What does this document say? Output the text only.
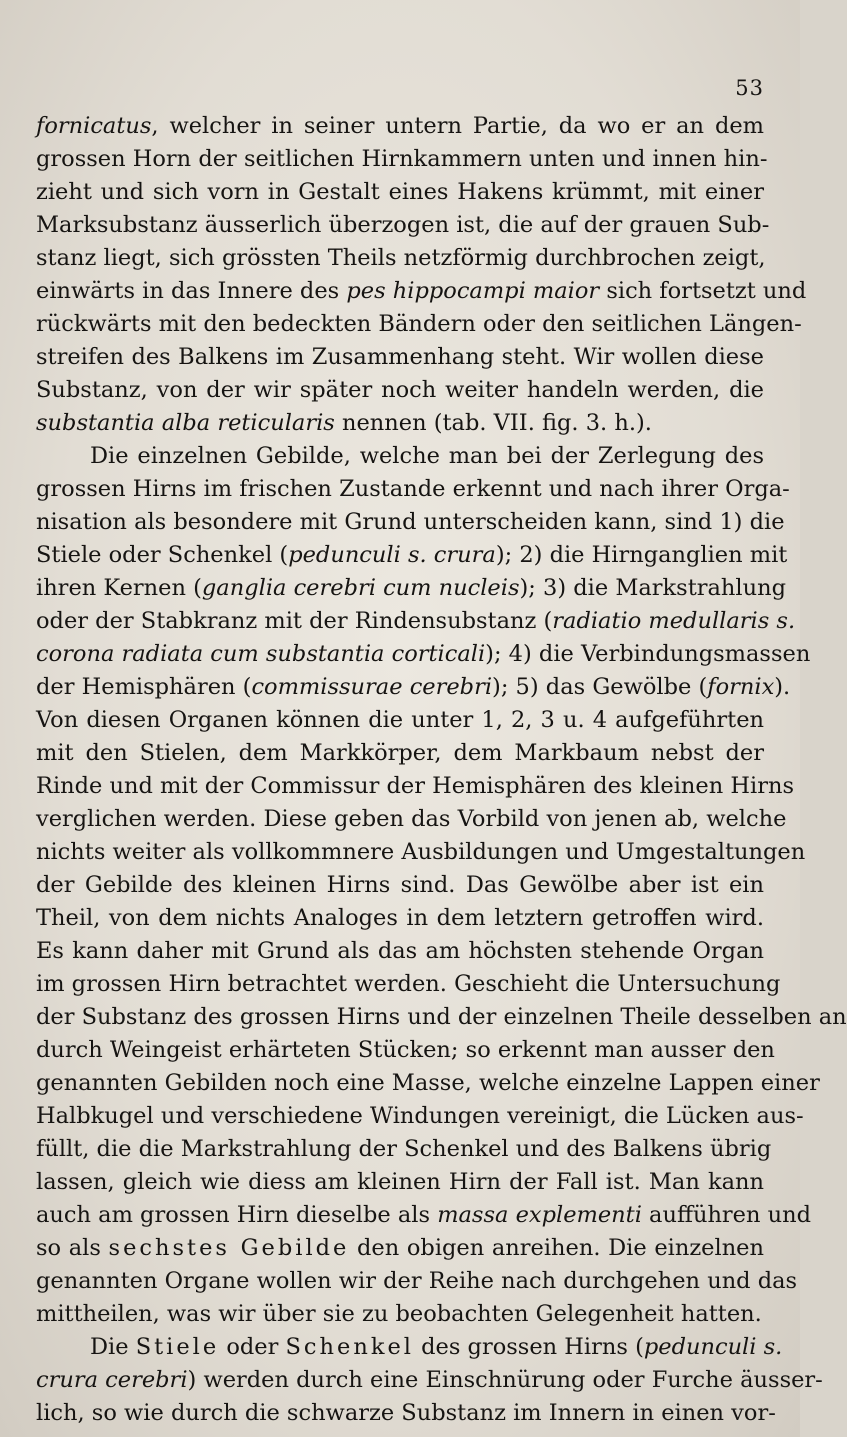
53
fornicatus, welcher in seiner untern Partie, da wo er an dem
grossen Horn der seitlichen Hirnkammern unten und innen hin-
zieht und sich vorn in Gestalt eines Hakens krümmt, mit einer
Marksubstanz äusserlich überzogen ist, die auf der grauen Sub-
stanz liegt, sich grössten Theils netzförmig durchbrochen zeigt,
einwärts in das Innere des pes hippocampi maior sich fortsetzt und
rückwärts mit den bedeckten Bändern oder den seitlichen Längen-
streifen des Balkens im Zusammenhang steht. Wir wollen diese
Substanz, von der wir später noch weiter handeln werden, die
substantia alba reticularis nennen (tab. VII. fig. 3. h.).
Die einzelnen Gebilde, welche man bei der Zerlegung des
grossen Hirns im frischen Zustande erkennt und nach ihrer Orga-
nisation als besondere mit Grund unterscheiden kann, sind 1) die
Stiele oder Schenkel (pedunculi s. crura); 2) die Hirnganglien mit
ihren Kernen (ganglia cerebri cum nucleis); 3) die Markstrahlung
oder der Stabkranz mit der Rindensubstanz (radiatio medullaris s.
corona radiata cum substantia corticali); 4) die Verbindungsmassen
der Hemisphären (commissurae cerebri); 5) das Gewölbe (fornix).
Von diesen Organen können die unter 1, 2, 3 u. 4 aufgeführten
mit den Stielen, dem Markkörper, dem Markbaum nebst der
Rinde und mit der Commissur der Hemisphären des kleinen Hirns
verglichen werden. Diese geben das Vorbild von jenen ab, welche
nichts weiter als vollkommnere Ausbildungen und Umgestaltungen
der Gebilde des kleinen Hirns sind. Das Gewölbe aber ist ein
Theil, von dem nichts Analoges in dem letztern getroffen wird.
Es kann daher mit Grund als das am höchsten stehende Organ
im grossen Hirn betrachtet werden. Geschieht die Untersuchung
der Substanz des grossen Hirns und der einzelnen Theile desselben an
durch Weingeist erhärteten Stücken; so erkennt man ausser den
genannten Gebilden noch eine Masse, welche einzelne Lappen einer
Halbkugel und verschiedene Windungen vereinigt, die Lücken aus-
füllt, die die Markstrahlung der Schenkel und des Balkens übrig
lassen, gleich wie diess am kleinen Hirn der Fall ist. Man kann
auch am grossen Hirn dieselbe als massa explementi aufführen und
so als sechstes Gebilde den obigen anreihen. Die einzelnen
genannten Organe wollen wir der Reihe nach durchgehen und das
mittheilen, was wir über sie zu beobachten Gelegenheit hatten.
Die Stiele oder Schenkel des grossen Hirns (pedunculi s.
crura cerebri) werden durch eine Einschnürung oder Furche äusser-
lich, so wie durch die schwarze Substanz im Innern in einen vor-
